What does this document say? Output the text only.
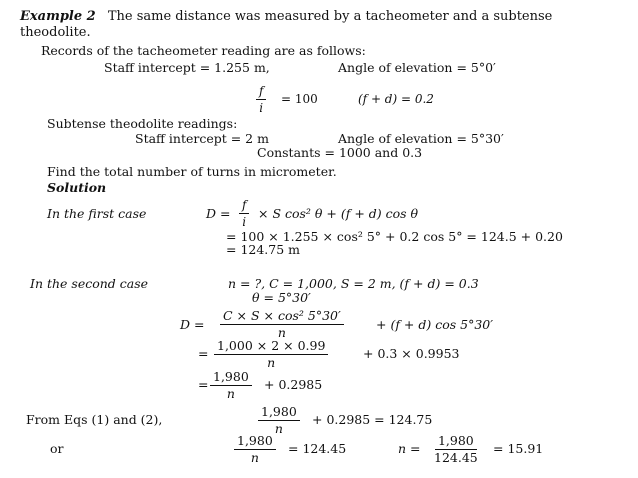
Example 2 The same distance was measured by a tacheometer and a subtense
theodolite.
Records of the tacheometer reading are as follows:
Staff intercept = 1.255 m,	Angle of elevation = 5°0′
$\frac{f}{i} = 100$	(f + d) = 0.2
Subtense theodolite readings:
Staff intercept = 2 m	Angle of elevation = 5°30′
Constants = 1000 and 0.3
Find the total number of turns in micrometer.
Solution
In the first case	$D = \frac{f}{i} \times S$ cos² θ + (f + d) cos θ
= 100 × 1.255 × cos² 5° + 0.2 cos 5° = 124.5 + 0.20
= 124.75 m
In the second case	n = ?, C = 1,000, S = 2 m, (f + d) = 0.3
θ = 5°30′
$D = \frac{\text{C × S × cos² 5°30′}}{n}$	+ (f + d) cos 5°30′
= $\frac{1,000 \times 2 \times 0.99}{n}$	+ 0.3 × 0.9953
= $\frac{1,980}{n} + 0.2985$
From Eqs (1) and (2),	$\frac{1,980}{n} + 0.2985 = 124.75$
or	$\frac{1,980}{n} = 124.45$	$n = \frac{1,980}{124.45} = 15.91$
